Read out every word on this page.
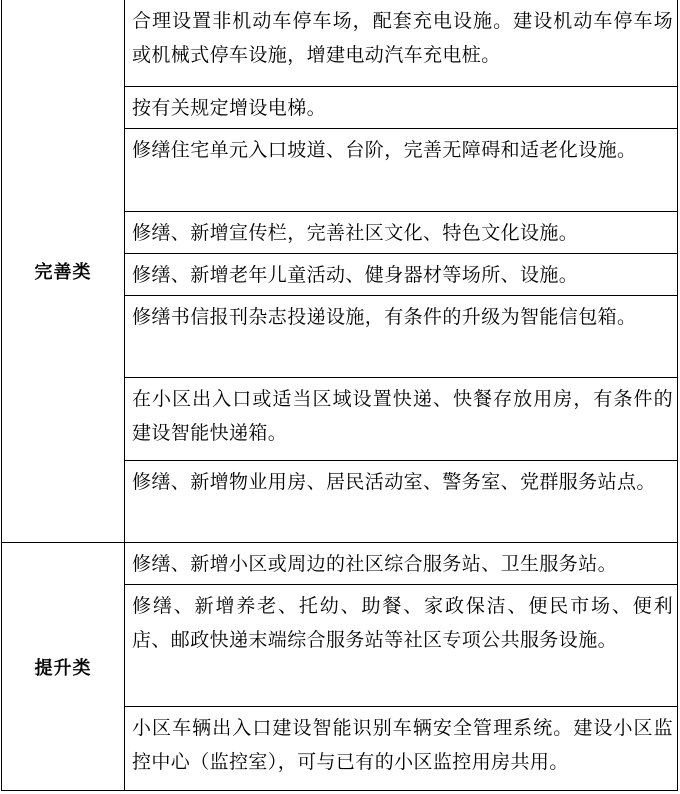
完善类
提升类
合理设置非机动车停车场，配套充电设施。建设机动车停车场或机械式停车设施，增建电动汽车充电桩。
按有关规定增设电梯。
修缮住宅单元入口坡道、台阶，完善无障碍和适老化设施。
修缮、新增宣传栏，完善社区文化、特色文化设施。
修缮、新增老年儿童活动、健身器材等场所、设施。
修缮书信报刊杂志投递设施，有条件的升级为智能信包箱。
在小区出入口或适当区域设置快递、快餐存放用房，有条件的建设智能快递箱。
修缮、新增物业用房、居民活动室、警务室、党群服务站点。
修缮、新增小区或周边的社区综合服务站、卫生服务站。
修缮、新增养老、托幼、助餐、家政保洁、便民市场、便利店、邮政快递末端综合服务站等社区专项公共服务设施。
小区车辆出入口建设智能识别车辆安全管理系统。建设小区监控中心（监控室），可与已有的小区监控用房共用。
